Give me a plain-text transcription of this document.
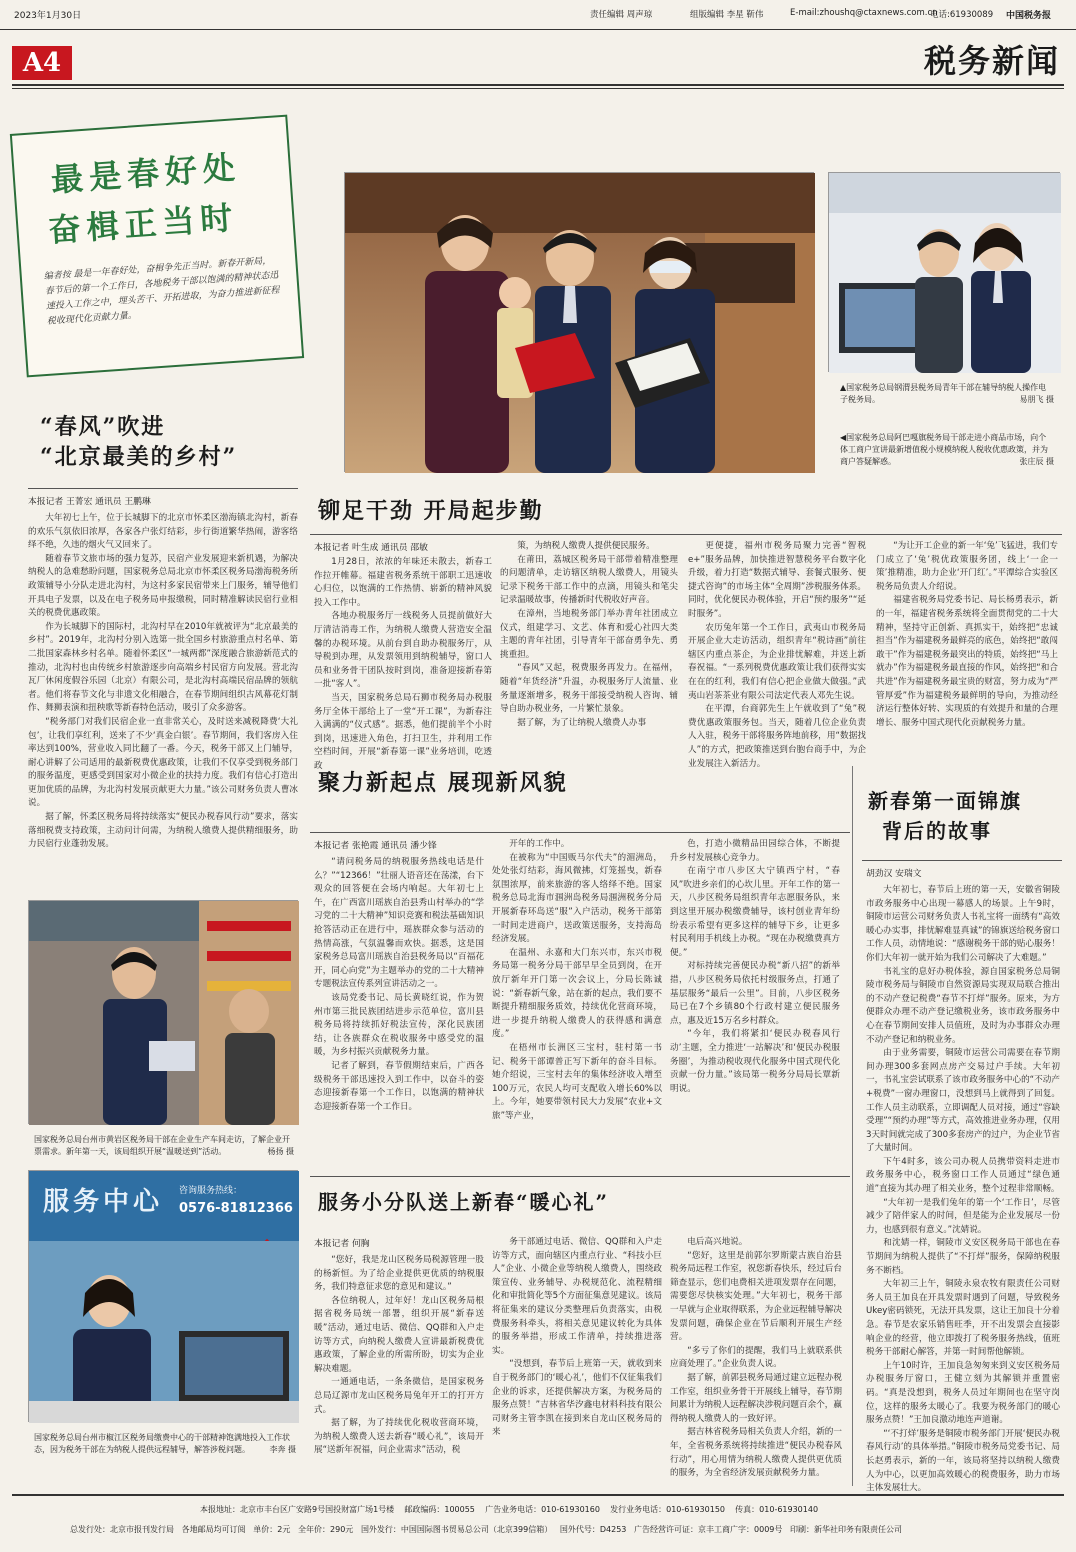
2023年1月30日	责任编辑 周声琼	组版编辑 李星 靳伟	E-mail:zhoushq@ctaxnews.com.cn
电话:61930089 中国税务报
A4	税务新闻
最是春好处
奋楫正当时
编者按 最是一年春好处，奋楫争先正当时。新春开新局，春节后的第一个工作日，各地税务干部以饱满的精神状态迅速投入工作之中，埋头苦干、开拓进取，为奋力推进新征程税收现代化贡献力量。
▲国家税务总局钢渭县税务局青年干部在辅导纳税人操作电子税务局。	易朋飞 摄
◀国家税务总局阿巴嘎旗税务局干部走进小商品市场，向个体工商户宣讲最新增值税小规模纳税人税收优惠政策，并为商户答疑解惑。	张庄辰 摄
“春风”吹进
“北京最美的乡村”
本报记者 王菁宏 通讯员 王鹏琳

大年初七上午，位于长城脚下的北京市怀柔区渤海镇北沟村，新春的欢乐气氛依旧浓厚，各家各户张灯结彩，步行街道繁华热闹，游客络绎不绝，久违的烟火气又回来了。

随着春节文旅市场的强力复苏，民宿产业发展迎来新机遇，为解决纳税人的急难愁盼问题，国家税务总局北京市怀柔区税务局渤海税务所政策辅导小分队走进北沟村，为这村多家民宿带来上门服务，辅导他们开具电子发票，以及在电子税务局申报缴税，同时精准解读民宿行业相关的税费优惠政策。

作为长城脚下的国际村，北沟村早在2010年就被评为“北京最美的乡村”。2019年，北沟村分别入选第一批全国乡村旅游重点村名单、第二批国家森林乡村名单。随着怀柔区“一城两都”深度融合旅游新范式的推动，北沟村也由传统乡村旅游逐步向高端乡村民宿方向发展。营北沟瓦厂休闲度假谷乐园（北京）有限公司，是北沟村高端民宿品牌的领航者。他们将春节文化与非遗文化相融合，在春节期间组织古风幕花灯制作、舞狮表演和扭秧歌等新春特色活动，吸引了众多游客。

“税务部门对我们民宿企业一直非常关心，及时送来减税降费‘大礼包’，让我们享红利，送来了不少‘真金白银’。春节期间，我们客房入住率达到100%，营业收入同比翻了一番。今天，税务干部又上门辅导，耐心讲解了公司适用的最新税费优惠政策，让我们不仅享受到税务部门的服务温度，更感受到国家对小微企业的扶持力度。我们有信心打造出更加优质的品牌，为北沟村发展贡献更大力量。”该公司财务负责人曹冰说。

据了解，怀柔区税务局将持续落实“便民办税春风行动”要求，落实落细税费支持政策，主动问计问需，为纳税人缴费人提供精细服务，助力民宿行业蓬勃发展。

国家税务总局台州市黄岩区税务局干部在企业生产车间走访，了解企业开票需求。新年第一天，该局组织开展“温暖送到”活动。	杨扬 摄
铆足干劲 开局起步勤
本报记者 叶生成 通讯员 邵敏

1月28日，浓浓的年味还未散去，新春工作拉开帷幕。福建省税务系统干部职工迅速收心归位，以饱满的工作热情、崭新的精神风貌投入工作中。

各地办税服务厅一线税务人员提前做好大厅清洁消毒工作，为纳税人缴费人营造安全温馨的办税环境。从前台到自助办税服务厅，从导税到办理，从发票领用到纳税辅导，窗口人员和业务骨干团队按时到岗，准备迎接新春第一批“客人”。

当天，国家税务总局石狮市税务局办税服务厅全体干部给上了一堂“开工课”，为新春注入满满的“仪式感”。据悉，他们提前半个小时到岗，迅速进入角色，打扫卫生，并利用工作空档时间，开展“新春第一课”业务培训，吃透政

策，为纳税人缴费人提供便民服务。

在莆田，荔城区税务局干部带着精准整理的问题清单，走访辖区纳税人缴费人，用镜头记录下税务干部工作中的点滴，用镜头和笔尖记录温暖故事，传播新时代税收好声音。

在漳州，当地税务部门举办青年社团成立仪式，组建学习、文艺、体育和爱心社四大类主题的青年社团，引导青年干部奋勇争先、勇挑重担。

“春风”又起，税费服务再发力。在福州，随着“年货经济”升温，办税服务厅人流量、业务量逐渐增多，税务干部接受纳税人咨询、辅导自助办税业务，一片繁忙景象。

据了解，为了让纳税人缴费人办事

更便捷，福州市税务局聚力完善“智税e+”服务品牌，加快推进智慧税务平台数字化升级，着力打造“数据式辅导、套餐式服务、便捷式咨询”的市场主体“全周期”涉税服务体系。同时，优化便民办税体验，开启“预约服务”“延时服务”。

农历兔年第一个工作日，武夷山市税务局开展企业大走访活动，组织青年“税诗画”前往辖区内重点茶企，为企业排忧解难，并送上新春祝福。“一系列税费优惠政策让我们获得实实在在的红利，我们有信心把企业做大做强。”武夷山岩茶茶业有限公司法定代表人邓先生说。

在平潭，台商郭先生上午就收到了“兔”税费优惠政策服务包。当天，随着几位企业负责人入驻，税务干部将服务阵地前移，用“数据找人”的方式，把政策推送到台胞台商手中，为企业发展注入新活力。

“为让开工企业的新一年‘兔’飞猛进，我们专门成立了‘兔’税优政策服务团，线上‘一企一策’推精准，助力企业‘开门红’。”平潭综合实验区税务局负责人介绍说。

福建省税务局党委书记、局长杨勇表示，新的一年，福建省税务系统将全面贯彻党的二十大精神，坚持守正创新、真抓实干，始终把“忠诚担当”作为福建税务最鲜亮的底色，始终把“敢闯敢干”作为福建税务最突出的特质，始终把“马上就办”作为福建税务最直接的作风，始终把“和合共进”作为福建税务最宝贵的财富，努力成为“严管厚爱”作为福建税务最鲜明的导向，为推动经济运行整体好转、实现质的有效提升和量的合理增长、服务中国式现代化贡献税务力量。

聚力新起点 展现新风貌
本报记者 张艳霞 通讯员 潘少锋

“请问税务局的纳税服务热线电话是什么？”“12366！”壮丽人语音还在荡漾，台下观众的回答便在会场内响起。大年初七上午，在广西富川瑶族自治县秀山村举办的“学习党的二十大精神”知识竞赛和税法基础知识抢答活动正在进行中，瑶族群众参与活动的热情高涨，气氛温馨而欢快。据悉，这是国家税务总局富川瑶族自治县税务局以“百福花开，同心向党”为主题举办的党的二十大精神专题税法宣传系列宣讲活动之一。

该局党委书记、局长黄晓红说，作为贺州市第三批民族团结进步示范单位，富川县税务局将持续抓好税法宣传，深化民族团结，让各族群众在税收服务中感受党的温暖，为乡村振兴贡献税务力量。

记者了解到，春节假期结束后，广西各级税务干部迅速投入到工作中，以奋斗的姿态迎接新春第一个工作日，以饱满的精神状态迎接新春第一个工作日。

开年的工作中。

在被称为“中国贩马尔代夫”的湄洲岛，处处张灯结彩，海风微拂，灯笼摇曳，新春氛围浓厚，前来旅游的客人络绎不绝。国家税务总局北海市涠洲岛税务局涠洲税务分局开展新春环岛送“服”入户活动，税务干部第一时间走进商户，送政策送服务，支持海岛经济发展。

在温州、永嘉和大门东兴市，东兴市税务局第一税务分局干部早早全员到岗，在开放厅新年开门第一次会议上，分局长陈诚说：“新春新气象，站在新的起点，我们要不断提升精细服务质效，持续优化营商环境，进一步提升纳税人缴费人的获得感和满意度。”

在梧州市长洲区三宝村，驻村第一书记、税务干部谭普正写下新年的奋斗目标。她介绍说，三宝村去年的集体经济收入增至100万元，农民人均可支配收入增长60%以上。今年，她要带领村民大力发展“农业+文旅”等产业，

色，打造小微精品田园综合体，不断提升乡村发展核心竞争力。

在南宁市八步区大宁镇西宁村，“春风”吹进乡亲们的心坎儿里。开年工作的第一天，八步区税务局组织青年志愿服务队，来到这里开展办税缴费辅导，该村创业青年纷纷表示希望有更多这样的辅导下乡，让更多村民利用手机线上办税。“现在办税缴费真方便。”

对标持续完善便民办税“新八招”的新举措，八步区税务局依托村级服务点，打通了基层服务“最后一公里”。目前，八步区税务局已在7个乡镇80个行政村建立便民服务点，惠及近15万名乡村群众。

“今年，我们将紧扣‘便民办税春风行动’主题，全力推进‘一站解决’和‘便民办税服务圈’，为推动税收现代化服务中国式现代化贡献一份力量。”该局第一税务分局局长覃新明说。

新春第一面锦旗
背后的故事
胡劲汉 安瑞文

大年初七，春节后上班的第一天，安徽省铜陵市政务服务中心出现一幕感人的场景。上午9时，铜陵市运营公司财务负责人书礼宝将一面绣有“高效暖心办实事，排忧解难显真诚”的锦旗送给税务窗口工作人员，动情地说：“感谢税务干部的贴心服务！你们大年初一就开始为我们公司解决了大难题。”

书礼宝的息好办税体验，源自国家税务总局铜陵市税务局与铜陵市自然资源局实现双局联合推出的不动产登记税费“春节不打烊”服务。原来，为方便群众办理不动产登记缴税业务，该市政务服务中心在春节期间安排人员值班，及时为办事群众办理不动产登记和纳税业务。

由于业务需要，铜陵市运营公司需要在春节期间办理300多套网点房产交易过户手续。大年初一，书礼宝尝试联系了该市政务服务中心的“不动产+税费”一窗办理窗口，没想到马上就得到了回复。工作人员主动联系，立即调配人员对接，通过“容缺受理”“预约办理”等方式，高效推进业务办理，仅用3天时间就完成了300多套房产的过户，为企业节省了大量时间。

下午4时多，该公司办税人员携带资料走进市政务服务中心，税务窗口工作人员通过“绿色通道”直接为其办理了相关业务，整个过程非常顺畅。

“大年初一是我们兔年的第一个‘工作日’，尽管减少了陪伴家人的时间，但是能为企业发展尽一份力，也感到很有意义。”沈婧说。

和沈婧一样，铜陵市义安区税务局干部也在春节期间为纳税人提供了“不打烊”服务，保障纳税服务不断档。

大年初三上午，铜陵永泉农牧有限责任公司财务人员王加良在开具发票时遇到了问题，导致税务Ukey密码锁死，无法开具发票，这让王加良十分着急。春节是农家乐销售旺季，开不出发票会直接影响企业的经营，他立即拨打了税务服务热线，值班税务干部耐心解答，并第一时间帮他解锁。

上午10时许，王加良急匆匆来到义安区税务局办税服务厅窗口，王健立刻为其解锁并重置密码。“真是没想到，税务人员过年期间也在坚守岗位，这样的服务太暖心了。我要为税务部门的暖心服务点赞！”王加良激动地连声道谢。

“‘不打烊’服务是铜陵市税务部门开展‘便民办税春风行动’的具体举措。”铜陵市税务局党委书记、局长赵勇表示，新的一年，该局将坚持以纳税人缴费人为中心，以更加高效暖心的税费服务，助力市场主体发展壮大。

服务小分队送上新春“暖心礼”
本报记者 何胸

“您好，我是龙山区税务局税源管理一股的杨新恒。为了给企业提供更优质的纳税服务，我们特意征求您的意见和建议。”

各位纳税人，过年好！龙山区税务局根据省税务局统一部署，组织开展“新春送暖”活动，通过电话、微信、QQ群和入户走访等方式，向纳税人缴费人宣讲最新税费优惠政策，了解企业的所需所盼，切实为企业解决难题。

一通通电话，一条条微信，是国家税务总局辽源市龙山区税务局兔年开工的打开方式。

据了解，为了持续优化税收营商环境，为纳税人缴费人送去新春“暖心礼”，该局开展“送新年祝福，问企业需求”活动，税

务干部通过电话、微信、QQ群和入户走访等方式，面向辖区内重点行业、“科技小巨人”企业、小微企业等纳税人缴费人，围绕政策宣传、业务辅导、办税规范化、流程精细化和审批简化等5个方面征集意见建议。该局将征集来的建议分类整理后负责落实，由税费服务科牵头，将相关意见建议转化为具体的服务举措，形成工作清单，持续推进落实。

“没想到，春节后上班第一天，就收到来自于税务部门的‘暖心礼’，他们不仅征集我们企业的诉求，还提供解决方案，为税务局的服务点赞！”吉林省华汐鑫电材料科技有限公司财务主管李凯在接到来自龙山区税务局的来

电后高兴地说。

“您好，这里是前郭尔罗斯蒙古族自治县税务局远程工作室，祝您新春快乐，经过后台筛查显示，您们电费相关进项发票存在问题，需要您尽快核实处理。”大年初七，税务干部一早就与企业取得联系，为企业远程辅导解决发票问题，确保企业在节后顺利开展生产经营。

“多亏了你们的提醒，我们马上就联系供应商处理了。”企业负责人说。

据了解，前郭县税务局通过建立远程办税工作室，组织业务骨干开展线上辅导，春节期间累计为纳税人远程解决涉税问题百余个，赢得纳税人缴费人的一致好评。

据吉林省税务局相关负责人介绍，新的一年，全省税务系统将持续推进“便民办税春风行动”，用心用情为纳税人缴费人提供更优质的服务，为全省经济发展贡献税务力量。

服务中心 咨询服务热线：
0576-81812366
国家税务总局台州市椒江区税务局缴费中心的干部精神饱满地投入工作状态，因为税务干部在为纳税人提供远程辅导，解答涉税问题。 李奔 摄
本报地址：北京市丰台区广安路9号国投财富广场1号楼 邮政编码：100055 广告业务电话：010-61930160 发行业务电话：010-61930150 传真：010-61930140
总发行处：北京市报刊发行局 各地邮局均可订阅 单价：2元 全年价：290元 国外发行：中国国际图书贸易总公司（北京399信箱） 国外代号：D4253 广告经营许可证：京丰工商广字：0009号 印刷：新华社印务有限责任公司
